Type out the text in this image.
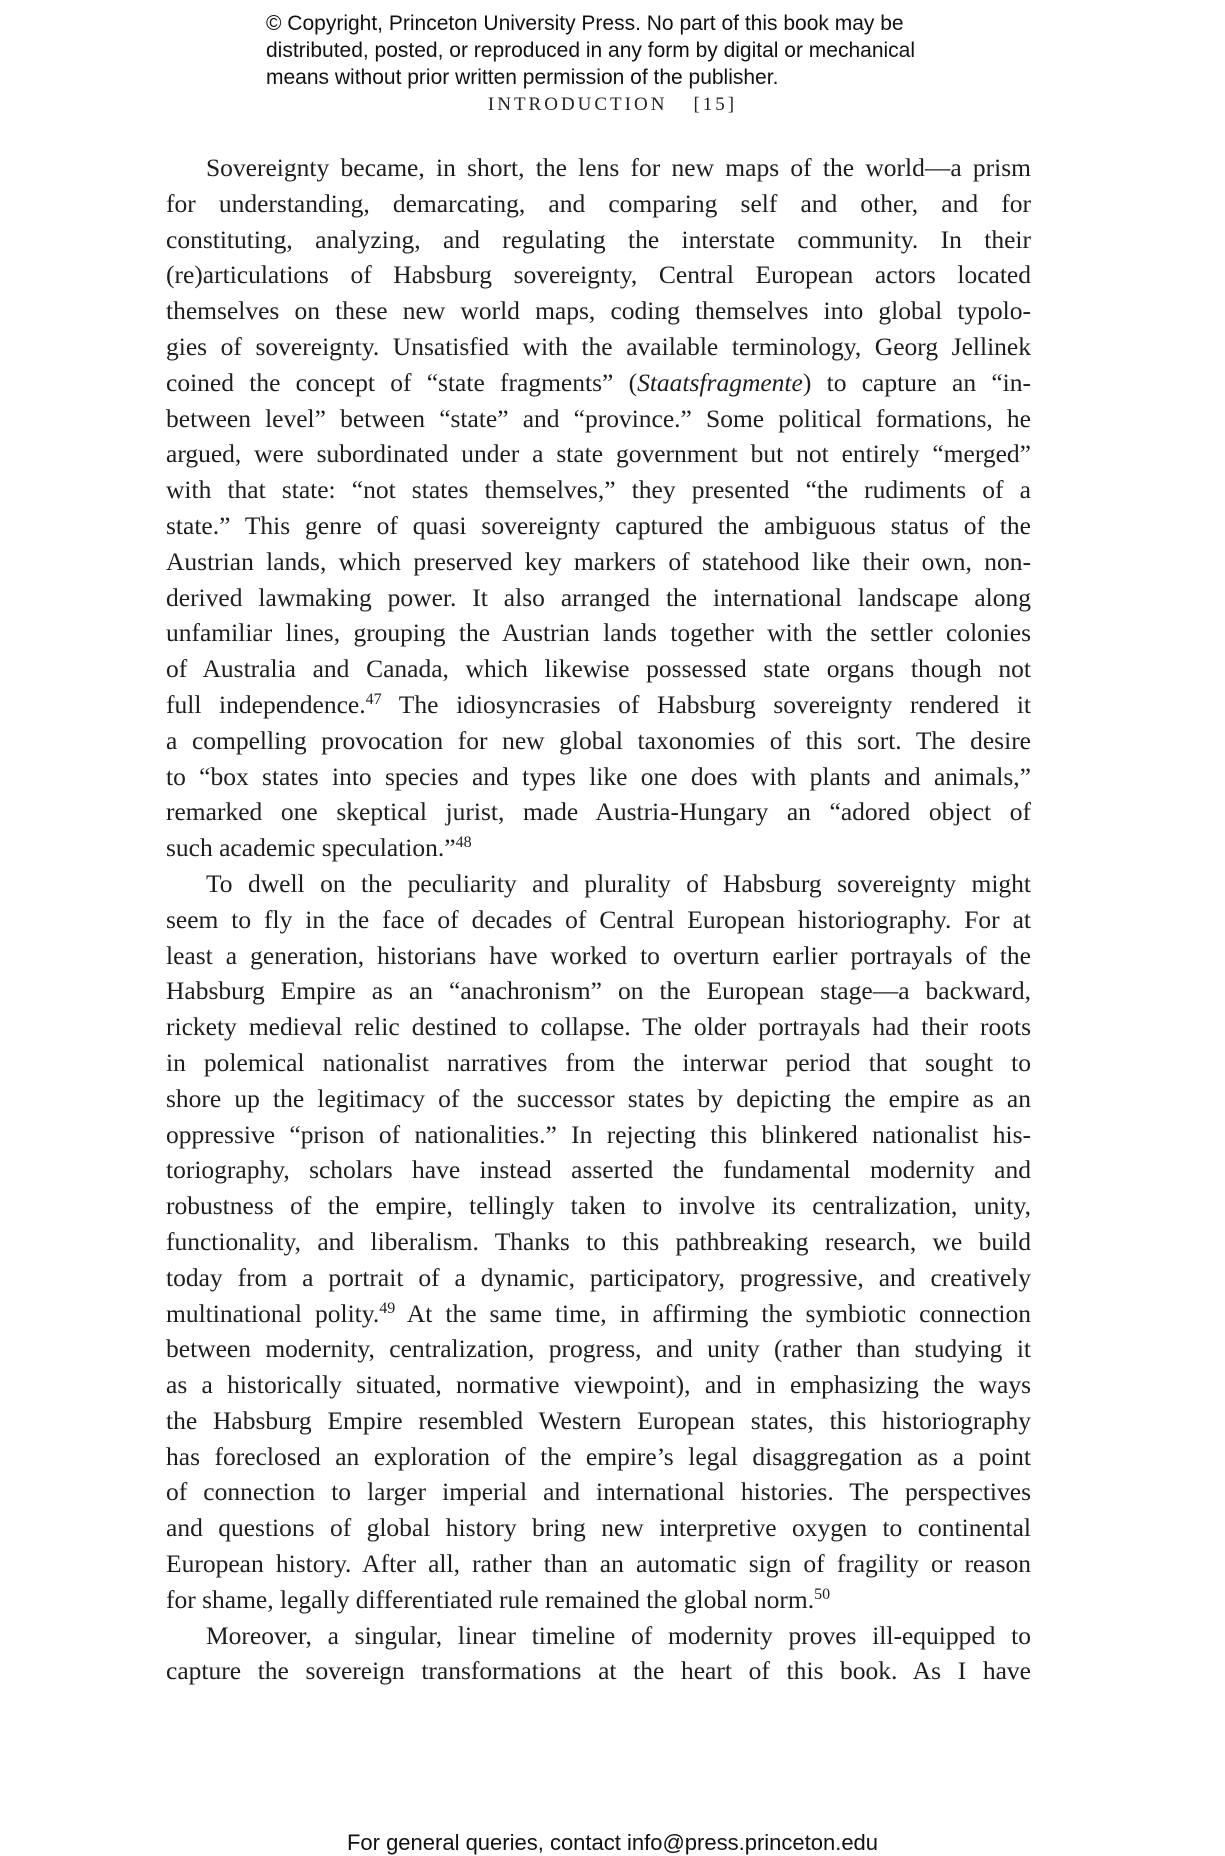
© Copyright, Princeton University Press. No part of this book may be
distributed, posted, or reproduced in any form by digital or mechanical
means without prior written permission of the publisher.
INTRODUCTION [15]
Sovereignty became, in short, the lens for new maps of the world—a prism
for understanding, demarcating, and comparing self and other, and for
constituting, analyzing, and regulating the interstate community. In their
(re)articulations of Habsburg sovereignty, Central European actors located
themselves on these new world maps, coding themselves into global typolo-
gies of sovereignty. Unsatisfied with the available terminology, Georg Jellinek
coined the concept of “state fragments” (Staatsfragmente) to capture an “in-
between level” between “state” and “province.” Some political formations, he
argued, were subordinated under a state government but not entirely “merged”
with that state: “not states themselves,” they presented “the rudiments of a
state.” This genre of quasi sovereignty captured the ambiguous status of the
Austrian lands, which preserved key markers of statehood like their own, non-
derived lawmaking power. It also arranged the international landscape along
unfamiliar lines, grouping the Austrian lands together with the settler colonies
of Australia and Canada, which likewise possessed state organs though not
full independence.$^{47}$ The idiosyncrasies of Habsburg sovereignty rendered it
a compelling provocation for new global taxonomies of this sort. The desire
to “box states into species and types like one does with plants and animals,”
remarked one skeptical jurist, made Austria-Hungary an “adored object of
such academic speculation.”$^{48}$
To dwell on the peculiarity and plurality of Habsburg sovereignty might
seem to fly in the face of decades of Central European historiography. For at
least a generation, historians have worked to overturn earlier portrayals of the
Habsburg Empire as an “anachronism” on the European stage—a backward,
rickety medieval relic destined to collapse. The older portrayals had their roots
in polemical nationalist narratives from the interwar period that sought to
shore up the legitimacy of the successor states by depicting the empire as an
oppressive “prison of nationalities.” In rejecting this blinkered nationalist his-
toriography, scholars have instead asserted the fundamental modernity and
robustness of the empire, tellingly taken to involve its centralization, unity,
functionality, and liberalism. Thanks to this pathbreaking research, we build
today from a portrait of a dynamic, participatory, progressive, and creatively
multinational polity.$^{49}$ At the same time, in affirming the symbiotic connection
between modernity, centralization, progress, and unity (rather than studying it
as a historically situated, normative viewpoint), and in emphasizing the ways
the Habsburg Empire resembled Western European states, this historiography
has foreclosed an exploration of the empire’s legal disaggregation as a point
of connection to larger imperial and international histories. The perspectives
and questions of global history bring new interpretive oxygen to continental
European history. After all, rather than an automatic sign of fragility or reason
for shame, legally differentiated rule remained the global norm.$^{50}$
Moreover, a singular, linear timeline of modernity proves ill-equipped to
capture the sovereign transformations at the heart of this book. As I have
For general queries, contact info@press.princeton.edu
